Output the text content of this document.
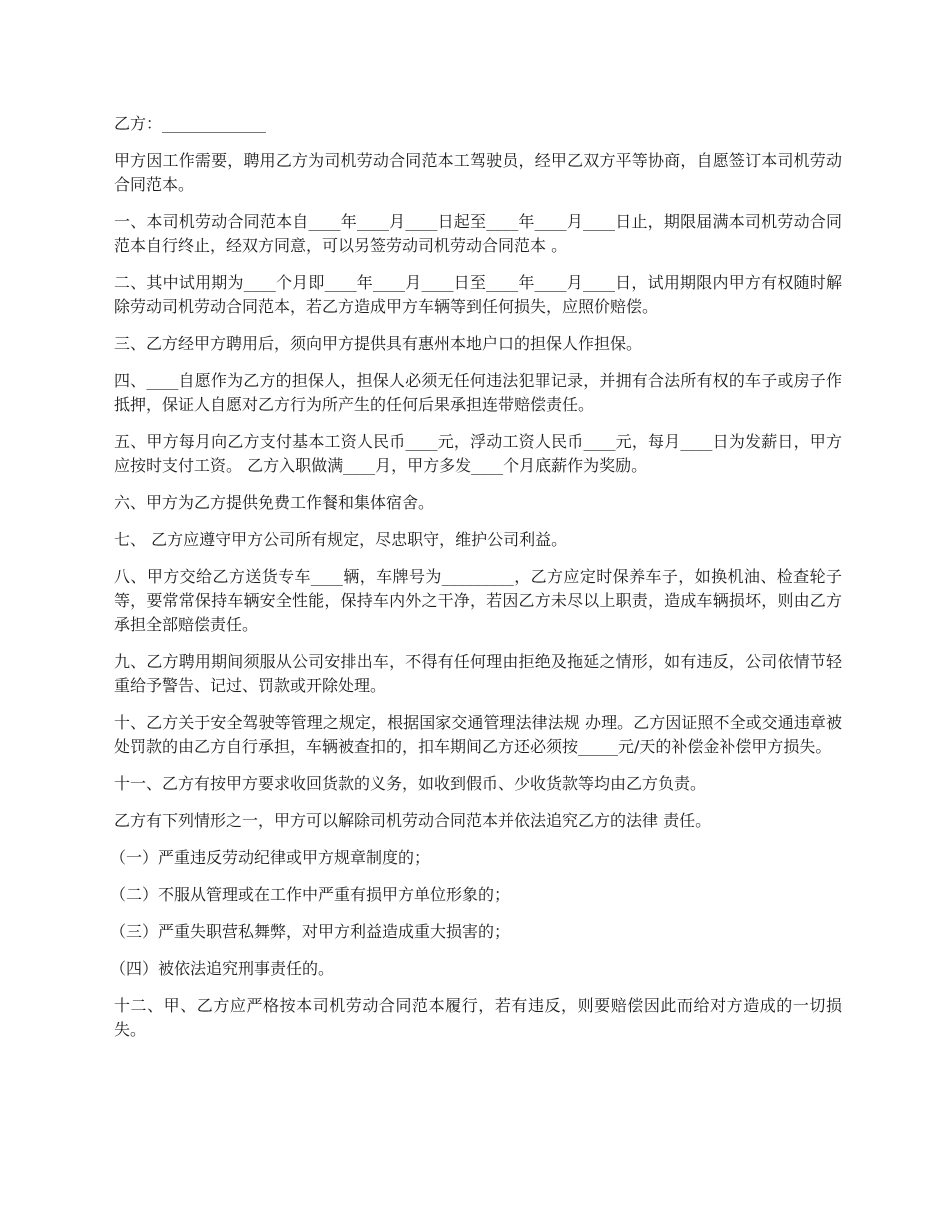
乙方：_____________

甲方因工作需要，聘用乙方为司机劳动合同范本工驾驶员，经甲乙双方平等协商，自愿签订本司机劳动合同范本。

一、本司机劳动合同范本自____年____月____日起至____年____月____日止，期限届满本司机劳动合同范本自行终止，经双方同意，可以另签劳动司机劳动合同范本 。

二、其中试用期为____个月即____年____月____日至____年____月____日，试用期限内甲方有权随时解除劳动司机劳动合同范本，若乙方造成甲方车辆等到任何损失，应照价赔偿。

三、乙方经甲方聘用后，须向甲方提供具有惠州本地户口的担保人作担保。

四、____自愿作为乙方的担保人，担保人必须无任何违法犯罪记录，并拥有合法所有权的车子或房子作抵押，保证人自愿对乙方行为所产生的任何后果承担连带赔偿责任。

五、甲方每月向乙方支付基本工资人民币____元，浮动工资人民币____元，每月____日为发薪日，甲方应按时支付工资。 乙方入职做满____月，甲方多发____个月底薪作为奖励。

六、甲方为乙方提供免费工作餐和集体宿舍。

七、 乙方应遵守甲方公司所有规定，尽忠职守，维护公司利益。

八、甲方交给乙方送货专车____辆，车牌号为_________，乙方应定时保养车子，如换机油、检查轮子等，要常常保持车辆安全性能，保持车内外之干净，若因乙方未尽以上职责，造成车辆损坏，则由乙方承担全部赔偿责任。

九、乙方聘用期间须服从公司安排出车，不得有任何理由拒绝及拖延之情形，如有违反，公司依情节轻重给予警告、记过、罚款或开除处理。

十、乙方关于安全驾驶等管理之规定，根据国家交通管理法律法规 办理。乙方因证照不全或交通违章被处罚款的由乙方自行承担，车辆被查扣的，扣车期间乙方还必须按_____元/天的补偿金补偿甲方损失。

十一、乙方有按甲方要求收回货款的义务，如收到假币、少收货款等均由乙方负责。

乙方有下列情形之一，甲方可以解除司机劳动合同范本并依法追究乙方的法律 责任。

（一）严重违反劳动纪律或甲方规章制度的；

（二）不服从管理或在工作中严重有损甲方单位形象的；

（三）严重失职营私舞弊，对甲方利益造成重大损害的；

（四）被依法追究刑事责任的。

十二、甲、乙方应严格按本司机劳动合同范本履行，若有违反，则要赔偿因此而给对方造成的一切损失。
